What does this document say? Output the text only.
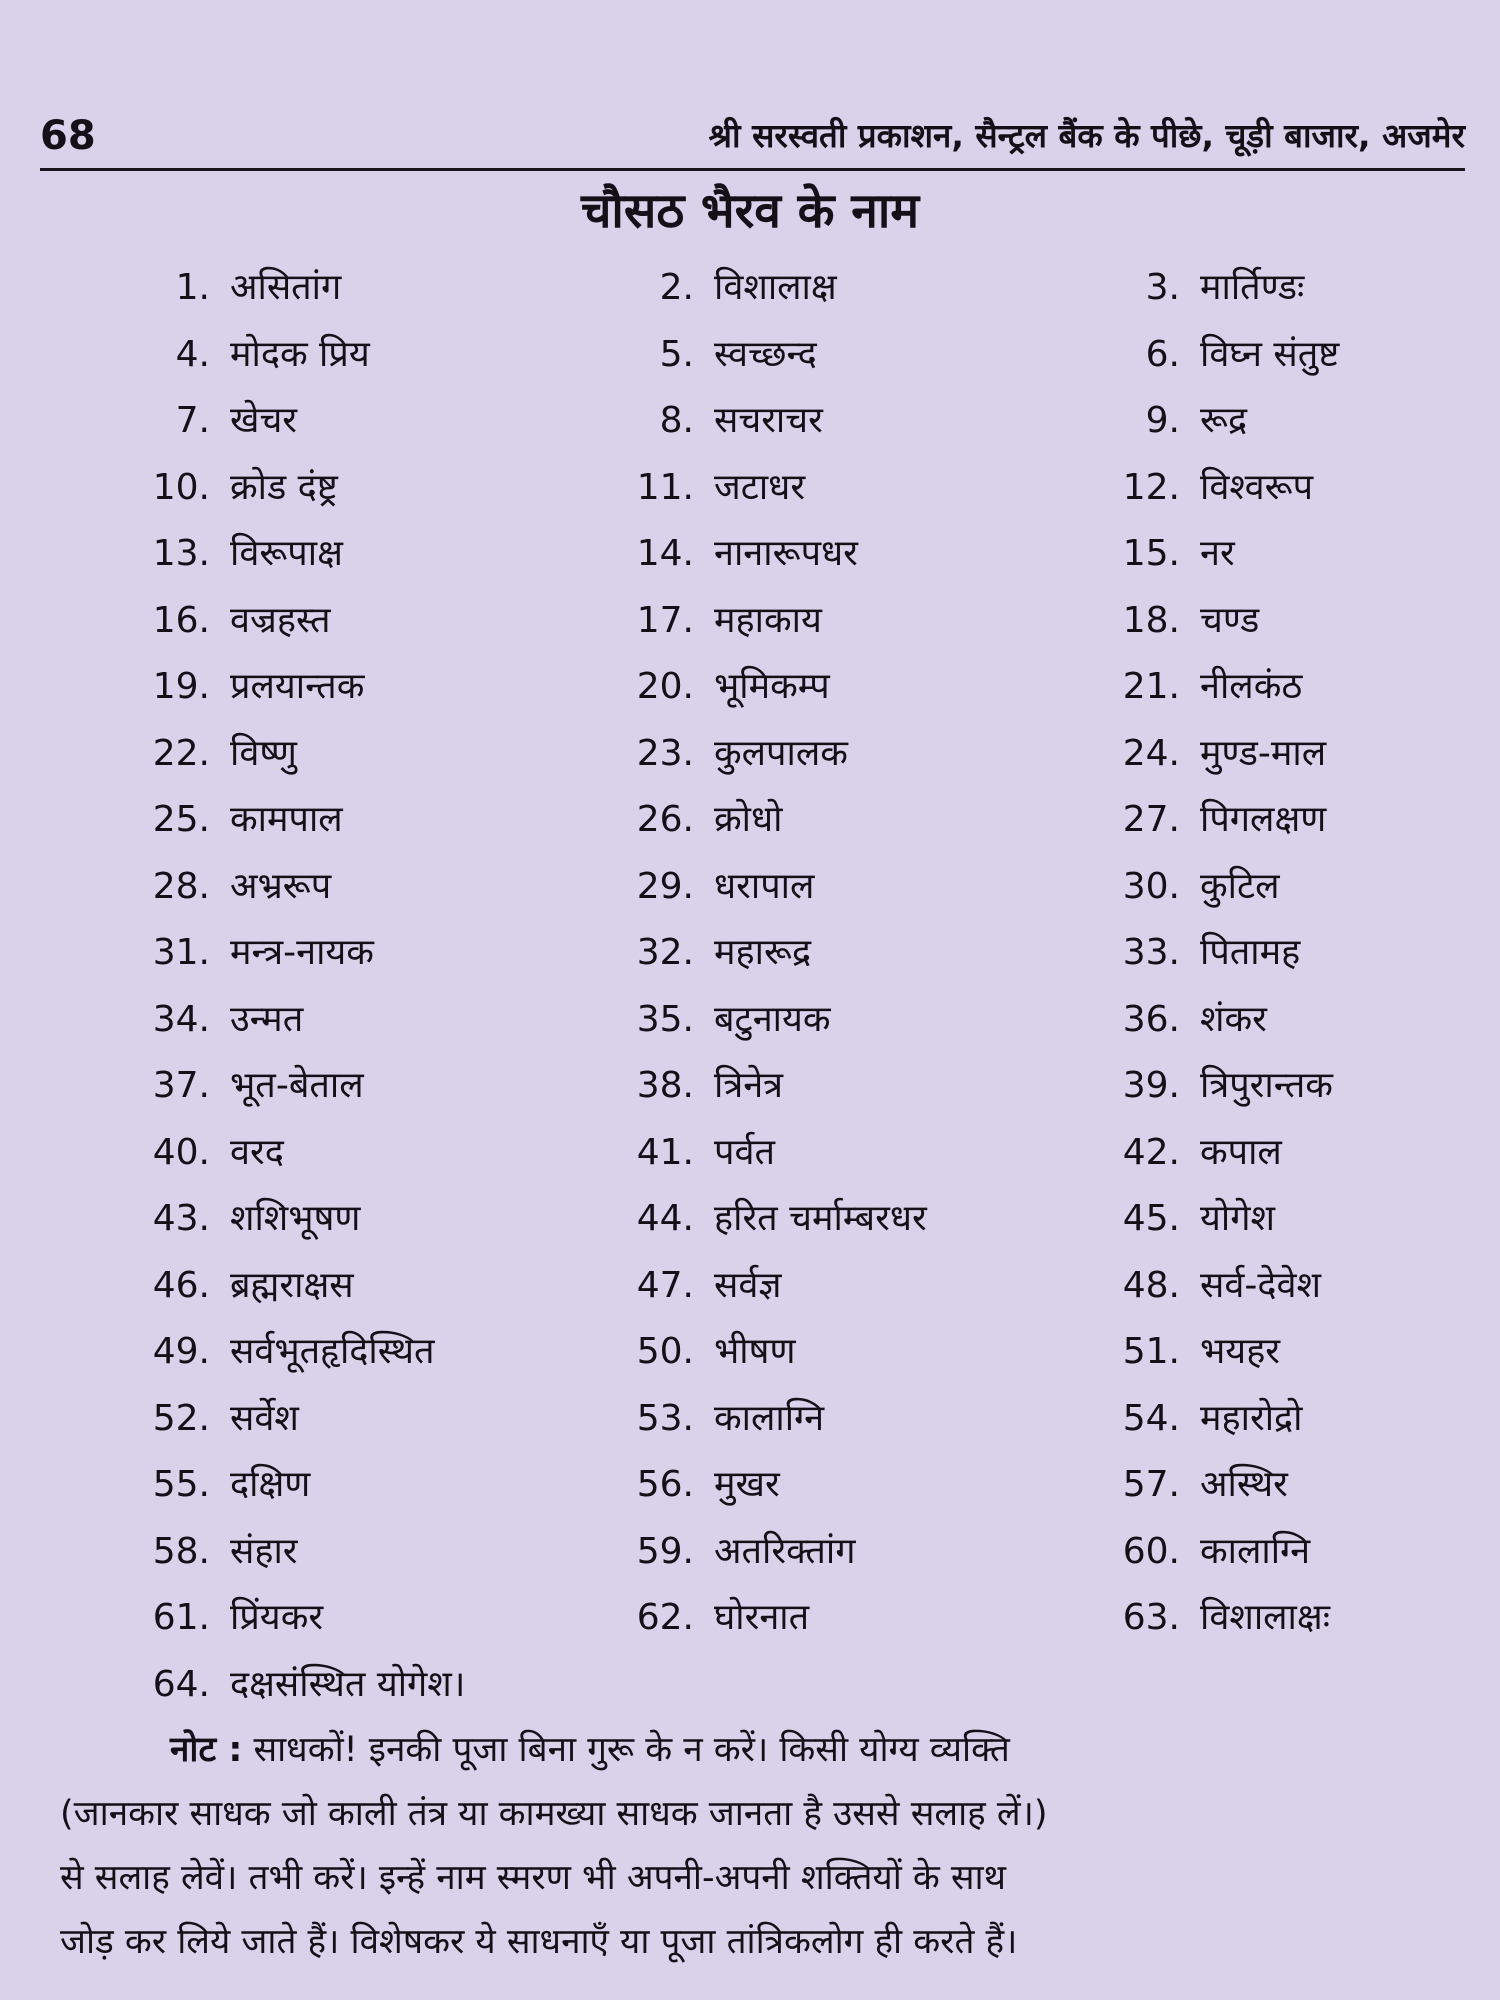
68	श्री सरस्वती प्रकाशन, सैन्ट्रल बैंक के पीछे, चूड़ी बाजार, अजमेर
चौसठ भैरव के नाम
1. असितांग	2. विशालाक्ष	3. मार्तिण्डः
4. मोदक प्रिय	5. स्वच्छन्द	6. विघ्न संतुष्ट
7. खेचर	8. सचराचर	9. रूद्र
10. क्रोड दंष्ट्र	11. जटाधर	12. विश्वरूप
13. विरूपाक्ष	14. नानारूपधर	15. नर
16. वज्रहस्त	17. महाकाय	18. चण्ड
19. प्रलयान्तक	20. भूमिकम्प	21. नीलकंठ
22. विष्णु	23. कुलपालक	24. मुण्ड-माल
25. कामपाल	26. क्रोधो	27. पिगलक्षण
28. अभ्ररूप	29. धरापाल	30. कुटिल
31. मन्त्र-नायक	32. महारूद्र	33. पितामह
34. उन्मत	35. बटुनायक	36. शंकर
37. भूत-बेताल	38. त्रिनेत्र	39. त्रिपुरान्तक
40. वरद	41. पर्वत	42. कपाल
43. शशिभूषण	44. हरित चर्माम्बरधर	45. योगेश
46. ब्रह्मराक्षस	47. सर्वज्ञ	48. सर्व-देवेश
49. सर्वभूतहृदिस्थित	50. भीषण	51. भयहर
52. सर्वेश	53. कालाग्नि	54. महारोद्रो
55. दक्षिण	56. मुखर	57. अस्थिर
58. संहार	59. अतरिक्तांग	60. कालाग्नि
61. प्रिंयकर	62. घोरनात	63. विशालाक्षः
64. दक्षसंस्थित योगेश।
नोट : साधकों! इनकी पूजा बिना गुरू के न करें। किसी योग्य व्यक्ति
(जानकार साधक जो काली तंत्र या कामख्या साधक जानता है उससे सलाह लें।)
से सलाह लेवें। तभी करें। इन्हें नाम स्मरण भी अपनी-अपनी शक्तियों के साथ
जोड़ कर लिये जाते हैं। विशेषकर ये साधनाएँ या पूजा तांत्रिकलोग ही करते हैं।
